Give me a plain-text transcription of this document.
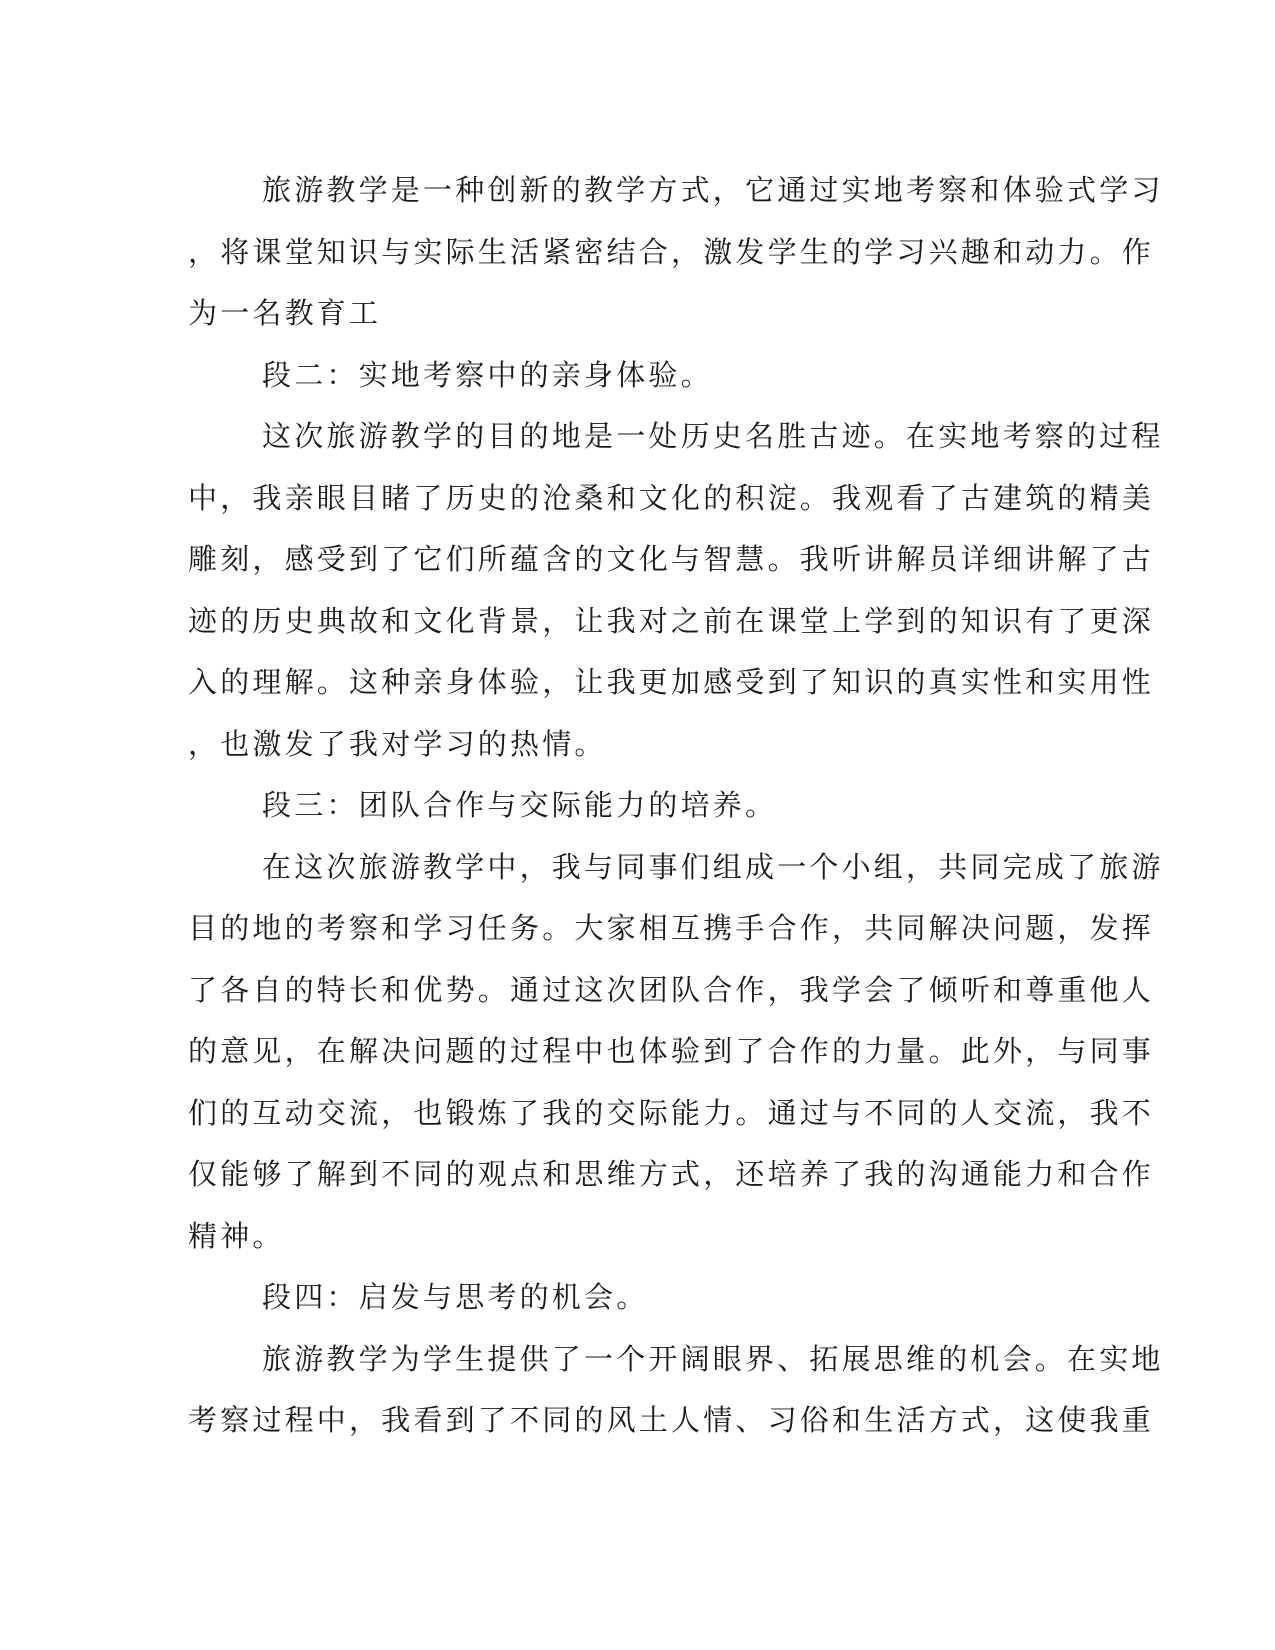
旅游教学是一种创新的教学方式，它通过实地考察和体验式学习
，将课堂知识与实际生活紧密结合，激发学生的学习兴趣和动力。作
为一名教育工
段二：实地考察中的亲身体验。
这次旅游教学的目的地是一处历史名胜古迹。在实地考察的过程
中，我亲眼目睹了历史的沧桑和文化的积淀。我观看了古建筑的精美
雕刻，感受到了它们所蕴含的文化与智慧。我听讲解员详细讲解了古
迹的历史典故和文化背景，让我对之前在课堂上学到的知识有了更深
入的理解。这种亲身体验，让我更加感受到了知识的真实性和实用性
，也激发了我对学习的热情。
段三：团队合作与交际能力的培养。
在这次旅游教学中，我与同事们组成一个小组，共同完成了旅游
目的地的考察和学习任务。大家相互携手合作，共同解决问题，发挥
了各自的特长和优势。通过这次团队合作，我学会了倾听和尊重他人
的意见，在解决问题的过程中也体验到了合作的力量。此外，与同事
们的互动交流，也锻炼了我的交际能力。通过与不同的人交流，我不
仅能够了解到不同的观点和思维方式，还培养了我的沟通能力和合作
精神。
段四：启发与思考的机会。
旅游教学为学生提供了一个开阔眼界、拓展思维的机会。在实地
考察过程中，我看到了不同的风土人情、习俗和生活方式，这使我重
